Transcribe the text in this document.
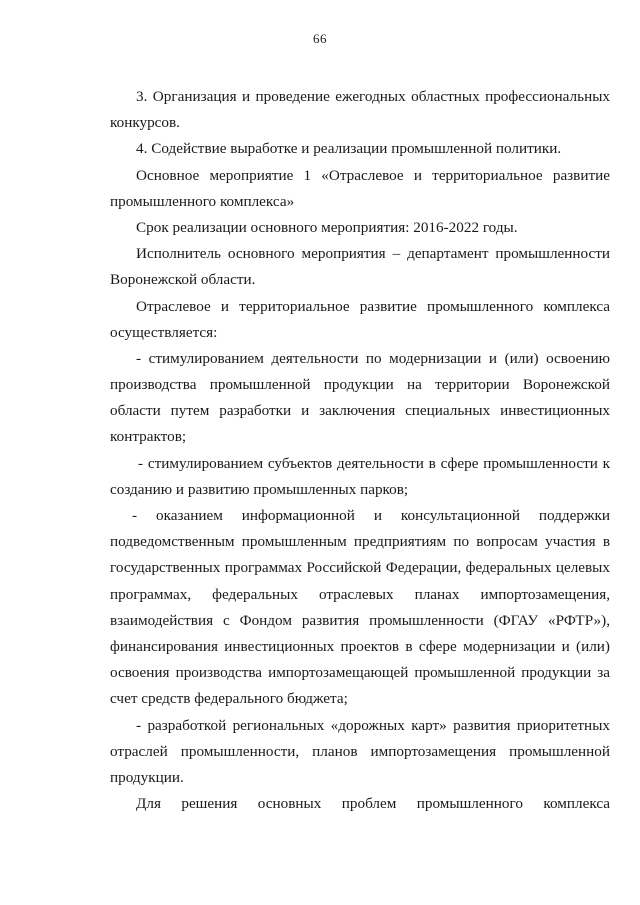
66
3. Организация и проведение ежегодных областных профессиональных
конкурсов.
4. Содействие выработке и реализации промышленной политики.
Основное мероприятие 1 «Отраслевое и территориальное развитие
промышленного комплекса»
Срок реализации основного мероприятия: 2016-2022 годы.
Исполнитель основного мероприятия – департамент промышленности
Воронежской области.
Отраслевое и территориальное развитие промышленного комплекса
осуществляется:
- стимулированием деятельности по модернизации и (или) освоению
производства промышленной продукции на территории Воронежской
области путем разработки и заключения специальных инвестиционных
контрактов;
- стимулированием субъектов деятельности в сфере промышленности к
созданию и развитию промышленных парков;
- оказанием информационной и консультационной поддержки
подведомственным промышленным предприятиям по вопросам участия в
государственных программах Российской Федерации, федеральных целевых
программах, федеральных отраслевых планах импортозамещения,
взаимодействия с Фондом развития промышленности (ФГАУ «РФТР»),
финансирования инвестиционных проектов в сфере модернизации и (или)
освоения производства импортозамещающей промышленной продукции за
счет средств федерального бюджета;
- разработкой региональных «дорожных карт» развития приоритетных
отраслей промышленности, планов импортозамещения промышленной
продукции.
Для решения основных проблем промышленного комплекса
